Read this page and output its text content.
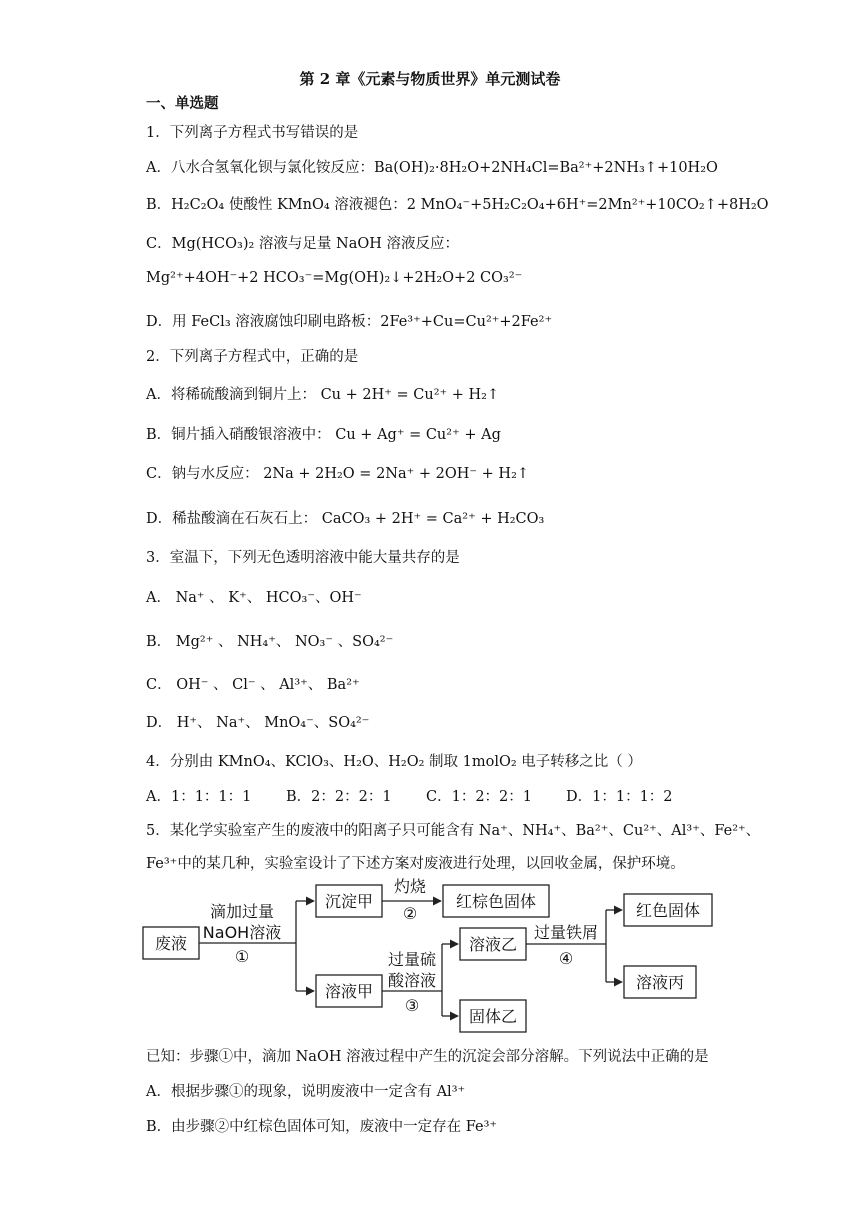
第 2 章《元素与物质世界》单元测试卷
一、单选题
1．下列离子方程式书写错误的是
A．八水合氢氧化钡与氯化铵反应：Ba(OH)₂·8H₂O+2NH₄Cl=Ba²⁺+2NH₃↑+10H₂O
B．H₂C₂O₄ 使酸性 KMnO₄ 溶液褪色：2 MnO₄⁻+5H₂C₂O₄+6H⁺=2Mn²⁺+10CO₂↑+8H₂O
C．Mg(HCO₃)₂ 溶液与足量 NaOH 溶液反应：
Mg²⁺+4OH⁻+2 HCO₃⁻=Mg(OH)₂↓+2H₂O+2 CO₃²⁻
D．用 FeCl₃ 溶液腐蚀印刷电路板：2Fe³⁺+Cu=Cu²⁺+2Fe²⁺
2．下列离子方程式中，正确的是
A．将稀硫酸滴到铜片上： Cu + 2H⁺ = Cu²⁺ + H₂↑
B．铜片插入硝酸银溶液中： Cu + Ag⁺ = Cu²⁺ + Ag
C．钠与水反应： 2Na + 2H₂O = 2Na⁺ + 2OH⁻ + H₂↑
D．稀盐酸滴在石灰石上： CaCO₃ + 2H⁺ = Ca²⁺ + H₂CO₃
3．室温下，下列无色透明溶液中能大量共存的是
A． Na⁺ 、 K⁺、 HCO₃⁻、OH⁻
B． Mg²⁺ 、 NH₄⁺、 NO₃⁻ 、SO₄²⁻
C． OH⁻ 、 Cl⁻ 、 Al³⁺、 Ba²⁺
D． H⁺、 Na⁺、 MnO₄⁻、SO₄²⁻
4．分别由 KMnO₄、KClO₃、H₂O、H₂O₂ 制取 1molO₂ 电子转移之比（ ）
A．1：1：1：1	B．2：2：2：1	C．1：2：2：1	D．1：1：1：2
5．某化学实验室产生的废液中的阳离子只可能含有 Na⁺、NH₄⁺、Ba²⁺、Cu²⁺、Al³⁺、Fe²⁺、
Fe³⁺中的某几种，实验室设计了下述方案对废液进行处理，以回收金属，保护环境。
废液
滴加过量
NaOH溶液
①
沉淀甲
灼烧
②
红棕色固体
溶液甲
过量硫
酸溶液
③
溶液乙
固体乙
过量铁屑
④
红色固体
溶液丙
已知：步骤①中，滴加 NaOH 溶液过程中产生的沉淀会部分溶解。下列说法中正确的是
A．根据步骤①的现象，说明废液中一定含有 Al³⁺
B．由步骤②中红棕色固体可知，废液中一定存在 Fe³⁺
